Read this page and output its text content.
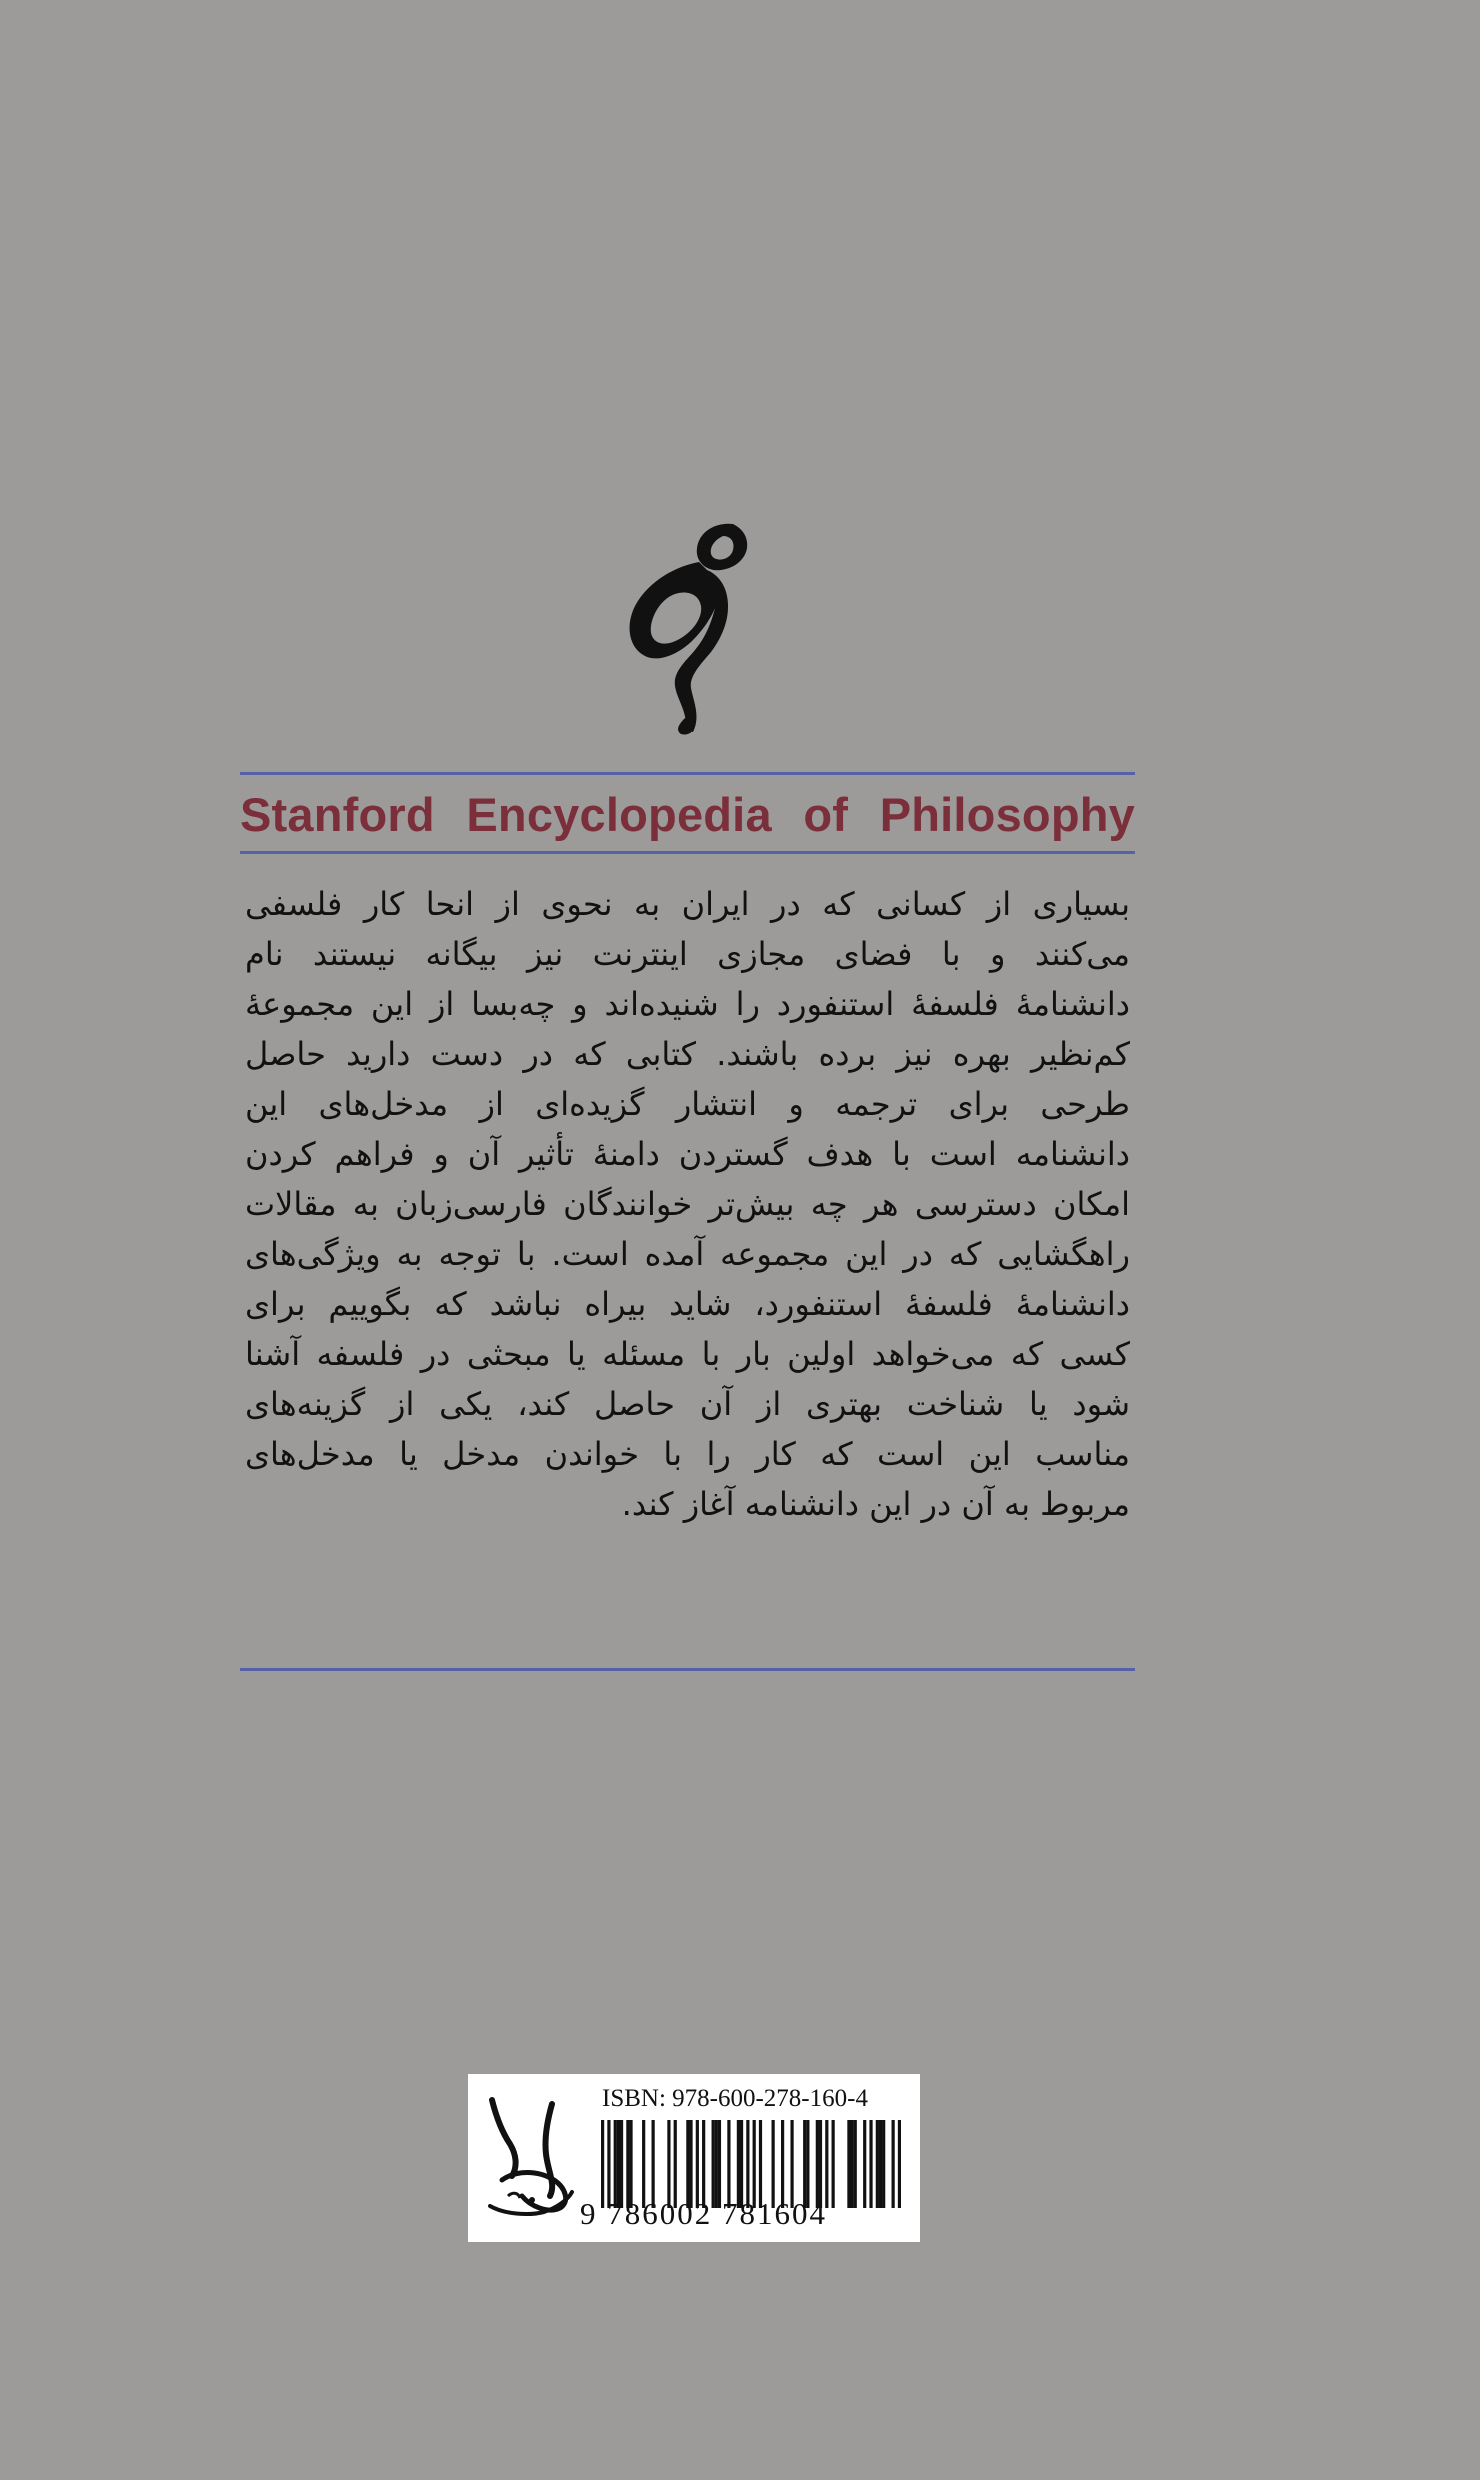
Stanford Encyclopedia of Philosophy
بسیاری از کسانی که در ایران به نحوی از انحا کار فلسفی
می‌کنند و با فضای مجازی اینترنت نیز بیگانه نیستند نام
دانشنامهٔ فلسفهٔ استنفورد را شنیده‌اند و چه‌بسا از این مجموعهٔ
کم‌نظیر بهره نیز برده باشند. کتابی که در دست دارید حاصل
طرحی برای ترجمه و انتشار گزیده‌ای از مدخل‌های این
دانشنامه است با هدف گستردن دامنهٔ تأثیر آن و فراهم کردن
امکان دسترسی هر چه بیش‌تر خوانندگان فارسی‌زبان به مقالات
راهگشایی که در این مجموعه آمده است. با توجه به ویژگی‌های
دانشنامهٔ فلسفهٔ استنفورد، شاید بیراه نباشد که بگوییم برای
کسی که می‌خواهد اولین بار با مسئله یا مبحثی در فلسفه آشنا
شود یا شناخت بهتری از آن حاصل کند، یکی از گزینه‌های
مناسب این است که کار را با خواندن مدخل یا مدخل‌های
مربوط به آن در این دانشنامه آغاز کند.
ISBN: 978-600-278-160-4
9 786002 781604
